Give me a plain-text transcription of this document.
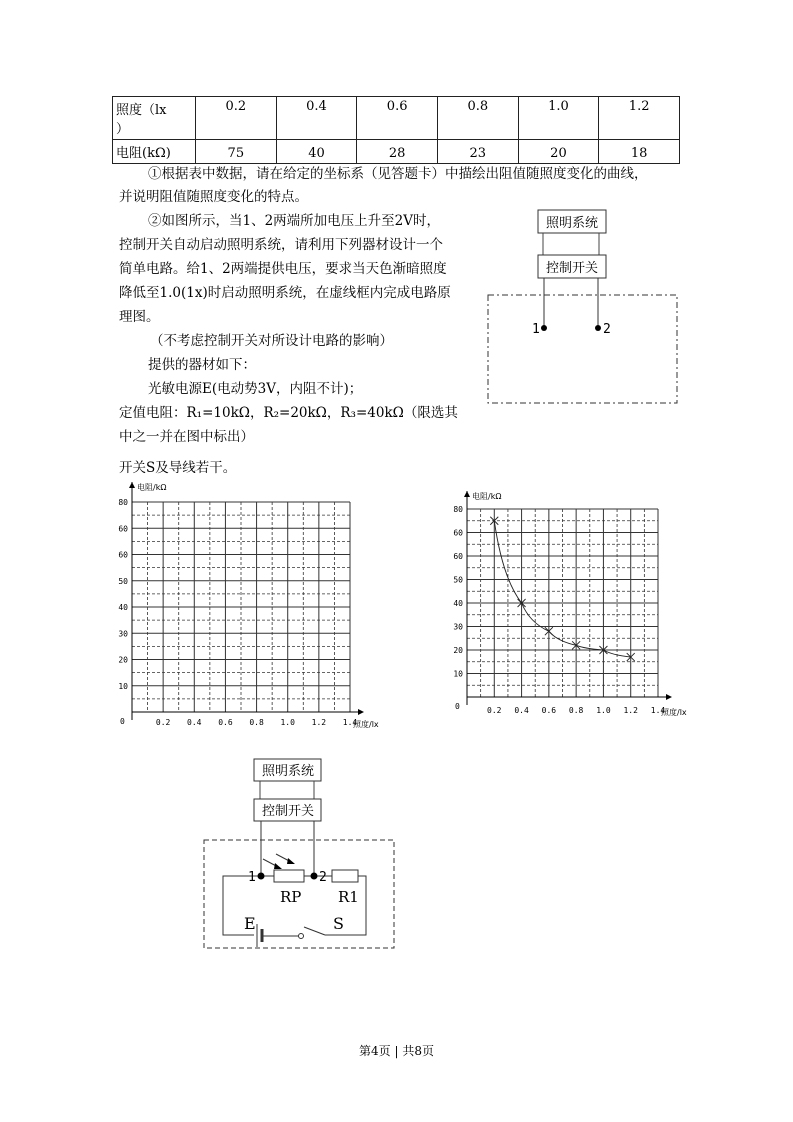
照度（lx
）	0.2	0.4	0.6	0.8	1.0	1.2
电阻(kΩ)	75	40	28	23	20	18
①根据表中数据，请在给定的坐标系（见答题卡）中描绘出阻值随照度变化的曲线，
并说明阻值随照度变化的特点。
②如图所示，当1、2两端所加电压上升至2V时，
控制开关自动启动照明系统，请利用下列器材设计一个
简单电路。给1、2两端提供电压，要求当天色渐暗照度
降低至1.0(1x)时启动照明系统，在虚线框内完成电路原
理图。
（不考虑控制开关对所设计电路的影响）
提供的器材如下：
光敏电源E(电动势3V，内阻不计)；
定值电阻：R₁=10kΩ，R₂=20kΩ，R₃=40kΩ（限选其
中之一并在图中标出）
开关S及导线若干。
照明系统
控制开关
1	2
电阻/kΩ
照度/lx
0	0.2 0.4 0.6 0.8 1.0 1.2 1.4
80
60
60
50
40
30
20
10
电阻/kΩ
照度/lx
0	0.2 0.4 0.6 0.8 1.0 1.2 1.4
80
60
60
50
40
30
20
10
照明系统
控制开关
1	2
RP R1
E	S
第4页 | 共8页
